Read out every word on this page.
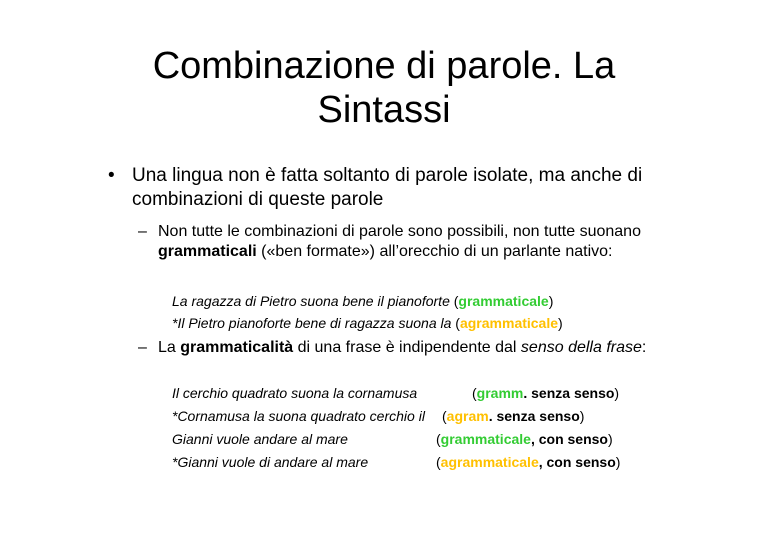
Combinazione di parole. La Sintassi
• Una lingua non è fatta soltanto di parole isolate, ma anche di combinazioni di queste parole
– Non tutte le combinazioni di parole sono possibili, non tutte suonano grammaticali («ben formate») all’orecchio di un parlante nativo:
La ragazza di Pietro suona bene il pianoforte (grammaticale)
*Il Pietro pianoforte bene di ragazza suona la (agrammaticale)
– La grammaticalità di una frase è indipendente dal senso della frase:
Il cerchio quadrato suona la cornamusa	(gramm. senza senso)
*Cornamusa la suona quadrato cerchio il (agram. senza senso)
Gianni vuole andare al mare	(grammaticale, con senso)
*Gianni vuole di andare al mare	(agrammaticale, con senso)
